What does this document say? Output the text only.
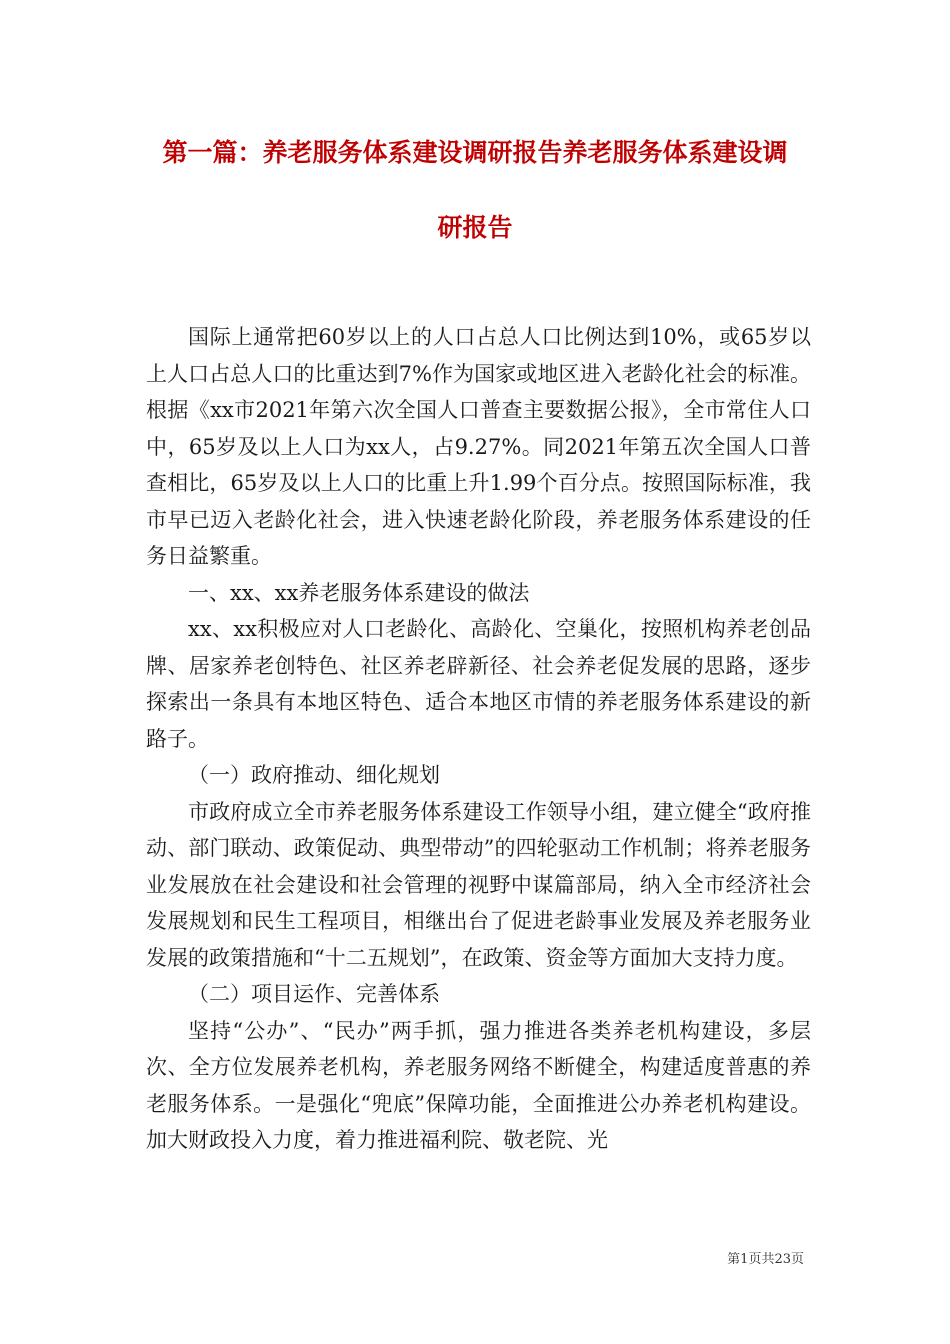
第一篇：养老服务体系建设调研报告养老服务体系建设调
研报告

国际上通常把60岁以上的人口占总人口比例达到10%，或65岁以上人口占总人口的比重达到7%作为国家或地区进入老龄化社会的标准。根据《xx市2021年第六次全国人口普查主要数据公报》，全市常住人口中，65岁及以上人口为xx人，占9.27%。同2021年第五次全国人口普查相比，65岁及以上人口的比重上升1.99个百分点。按照国际标准，我市早已迈入老龄化社会，进入快速老龄化阶段，养老服务体系建设的任务日益繁重。

一、xx、xx养老服务体系建设的做法

xx、xx积极应对人口老龄化、高龄化、空巢化，按照机构养老创品牌、居家养老创特色、社区养老辟新径、社会养老促发展的思路，逐步探索出一条具有本地区特色、适合本地区市情的养老服务体系建设的新路子。

（一）政府推动、细化规划

市政府成立全市养老服务体系建设工作领导小组，建立健全“政府推动、部门联动、政策促动、典型带动”的四轮驱动工作机制；将养老服务业发展放在社会建设和社会管理的视野中谋篇部局，纳入全市经济社会发展规划和民生工程项目，相继出台了促进老龄事业发展及养老服务业发展的政策措施和“十二五规划”，在政策、资金等方面加大支持力度。

（二）项目运作、完善体系

坚持“公办”、“民办”两手抓，强力推进各类养老机构建设，多层次、全方位发展养老机构，养老服务网络不断健全，构建适度普惠的养老服务体系。一是强化“兜底”保障功能，全面推进公办养老机构建设。加大财政投入力度，着力推进福利院、敬老院、光

第1页共23页
